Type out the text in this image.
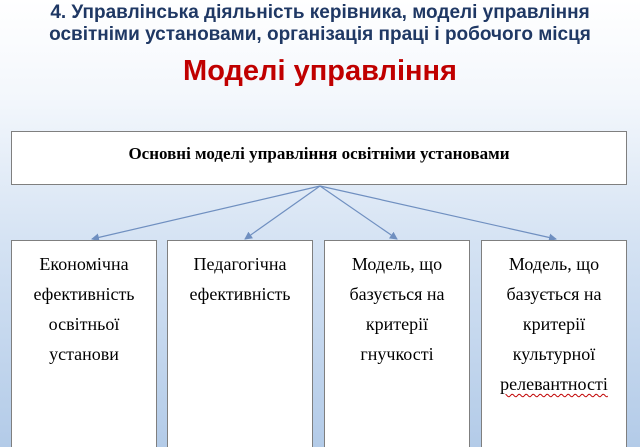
4. Управлінська діяльність керівника, моделі управління освітніми установами, організація праці і робочого місця
Моделі управління
Основні моделі управління освітніми установами
Економічна
ефективність
освітньої
установи
Педагогічна
ефективність
Модель, що
базується на
критерії
гнучкості
Модель, що
базується на
критерії
культурної
релевантності
